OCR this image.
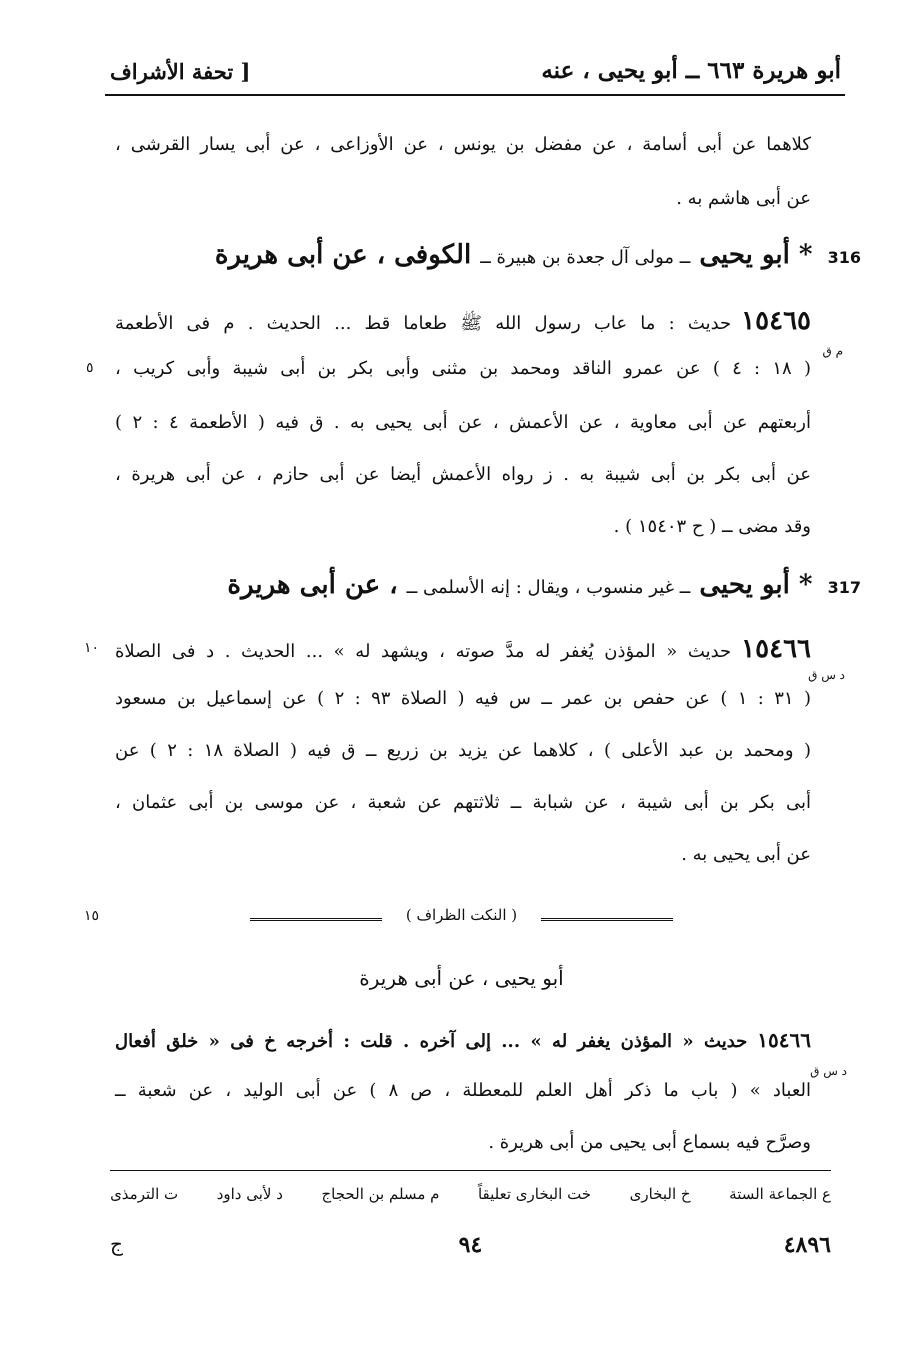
أبو هريرة ٦٦٣ ــ أبو يحيى ، عنه
[ تحفة الأشراف
كلاهما عن أبى أسامة ، عن مفضل بن يونس ، عن الأوزاعى ، عن أبى يسار القرشى ،
عن أبى هاشم به .
316 * أبو يحيى ــ مولى آل جعدة بن هبيرة ــ الكوفى ، عن أبى هريرة
١٥٤٦٥حديث : ما عاب رسول الله ﷺ طعاما قط ... الحديث . م فى الأطعمة
م ق
٥ ( ١٨ : ٤ ) عن عمرو الناقد ومحمد بن مثنى وأبى بكر بن أبى شيبة وأبى كريب ،
أربعتهم عن أبى معاوية ، عن الأعمش ، عن أبى يحيى به . ق فيه ( الأطعمة ٤ : ٢ )
عن أبى بكر بن أبى شيبة به . ز رواه الأعمش أيضا عن أبى حازم ، عن أبى هريرة ،
وقد مضى ــ ( ح ١٥٤٠٣ ) .
317 * أبو يحيى ــ غير منسوب ، ويقال : إنه الأسلمى ــ ، عن أبى هريرة
١٠	١٥٤٦٦حديث « المؤذن يُغفر له مدَّ صوته ، ويشهد له » ... الحديث . د فى الصلاة
د س ق
( ٣١ : ١ ) عن حفص بن عمر ــ س فيه ( الصلاة ٩٣ : ٢ ) عن إسماعيل بن مسعود
( ومحمد بن عبد الأعلى ) ، كلاهما عن يزيد بن زريع ــ ق فيه ( الصلاة ١٨ : ٢ ) عن
أبى بكر بن أبى شيبة ، عن شبابة ــ ثلاثتهم عن شعبة ، عن موسى بن أبى عثمان ،
عن أبى يحيى به .
١٥	( النكت الظراف )
أبو يحيى ، عن أبى هريرة
١٥٤٦٦حديث « المؤذن يغفر له » ... إلى آخره . قلت : أخرجه خ فى « خلق أفعال
د س ق
العباد » ( باب ما ذكر أهل العلم للمعطلة ، ص ٨ ) عن أبى الوليد ، عن شعبة ــ
وصرَّح فيه بسماع أبى يحيى من أبى هريرة .
ع الجماعة الستة
خ البخارى
خت البخارى تعليقاً
م مسلم بن الحجاج
د لأبى داود
ت الترمذى
٤٨٩٦
٩٤
ج
